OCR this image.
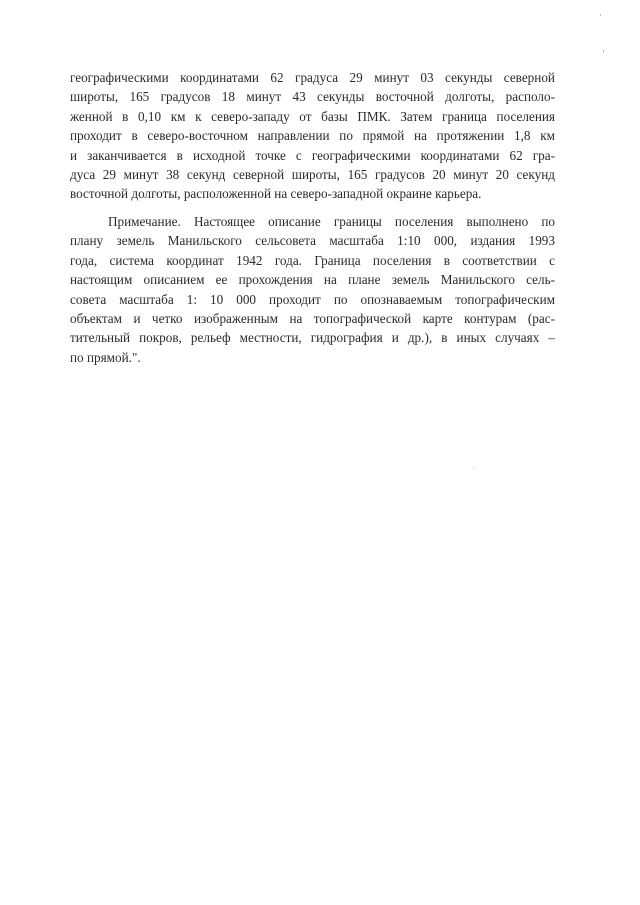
географическими координатами 62 градуса 29 минут 03 секунды северной
широты, 165 градусов 18 минут 43 секунды восточной долготы, располо-
женной в 0,10 км к северо-западу от базы ПМК. Затем граница поселения
проходит в северо-восточном направлении по прямой на протяжении 1,8 км
и заканчивается в исходной точке с географическими координатами 62 гра-
дуса 29 минут 38 секунд северной широты, 165 градусов 20 минут 20 секунд
восточной долготы, расположенной на северо-западной окраине карьера.
Примечание. Настоящее описание границы поселения выполнено по
плану земель Манильского сельсовета масштаба 1:10 000, издания 1993
года, система координат 1942 года. Граница поселения в соответствии с
настоящим описанием ее прохождения на плане земель Манильского сель-
совета масштаба 1: 10 000 проходит по опознаваемым топографическим
объектам и четко изображенным на топографической карте контурам (рас-
тительный покров, рельеф местности, гидрография и др.), в иных случаях –
по прямой.".
